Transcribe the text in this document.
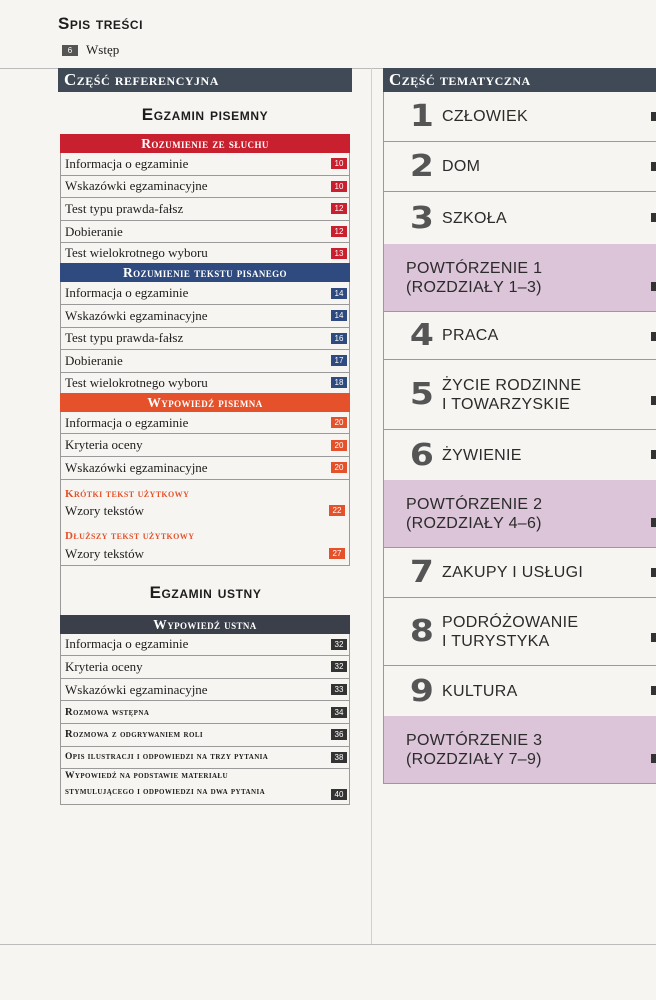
Spis treści
6	Wstęp
Część referencyjna
Egzamin pisemny
Rozumienie ze słuchu
Informacja o egzaminie	10
Wskazówki egzaminacyjne	10
Test typu prawda-fałsz	12
Dobieranie	12
Test wielokrotnego wyboru	13
Rozumienie tekstu pisanego
Informacja o egzaminie	14
Wskazówki egzaminacyjne	14
Test typu prawda-fałsz	16
Dobieranie	17
Test wielokrotnego wyboru	18
Wypowiedź pisemna
Informacja o egzaminie	20
Kryteria oceny	20
Wskazówki egzaminacyjne	20
Krótki tekst użytkowy
Wzory tekstów	22
Dłuższy tekst użytkowy
Wzory tekstów	27
Egzamin ustny
Wypowiedź ustna
Informacja o egzaminie	32
Kryteria oceny	32
Wskazówki egzaminacyjne	33
Rozmowa wstępna	34
Rozmowa z odgrywaniem roli	36
Opis ilustracji i odpowiedzi na trzy pytania	38
Wypowiedź na podstawie materiału
stymulującego i odpowiedzi na dwa pytania	40
Część tematyczna
1 CZŁOWIEK
2 DOM
3 SZKOŁA
POWTÓRZENIE 1
(ROZDZIAŁY 1–3)
4 PRACA
5 ŻYCIE RODZINNE
I TOWARZYSKIE
6 ŻYWIENIE
POWTÓRZENIE 2
(ROZDZIAŁY 4–6)
7 ZAKUPY I USŁUGI
8 PODRÓŻOWANIE
I TURYSTYKA
9 KULTURA
POWTÓRZENIE 3
(ROZDZIAŁY 7–9)
